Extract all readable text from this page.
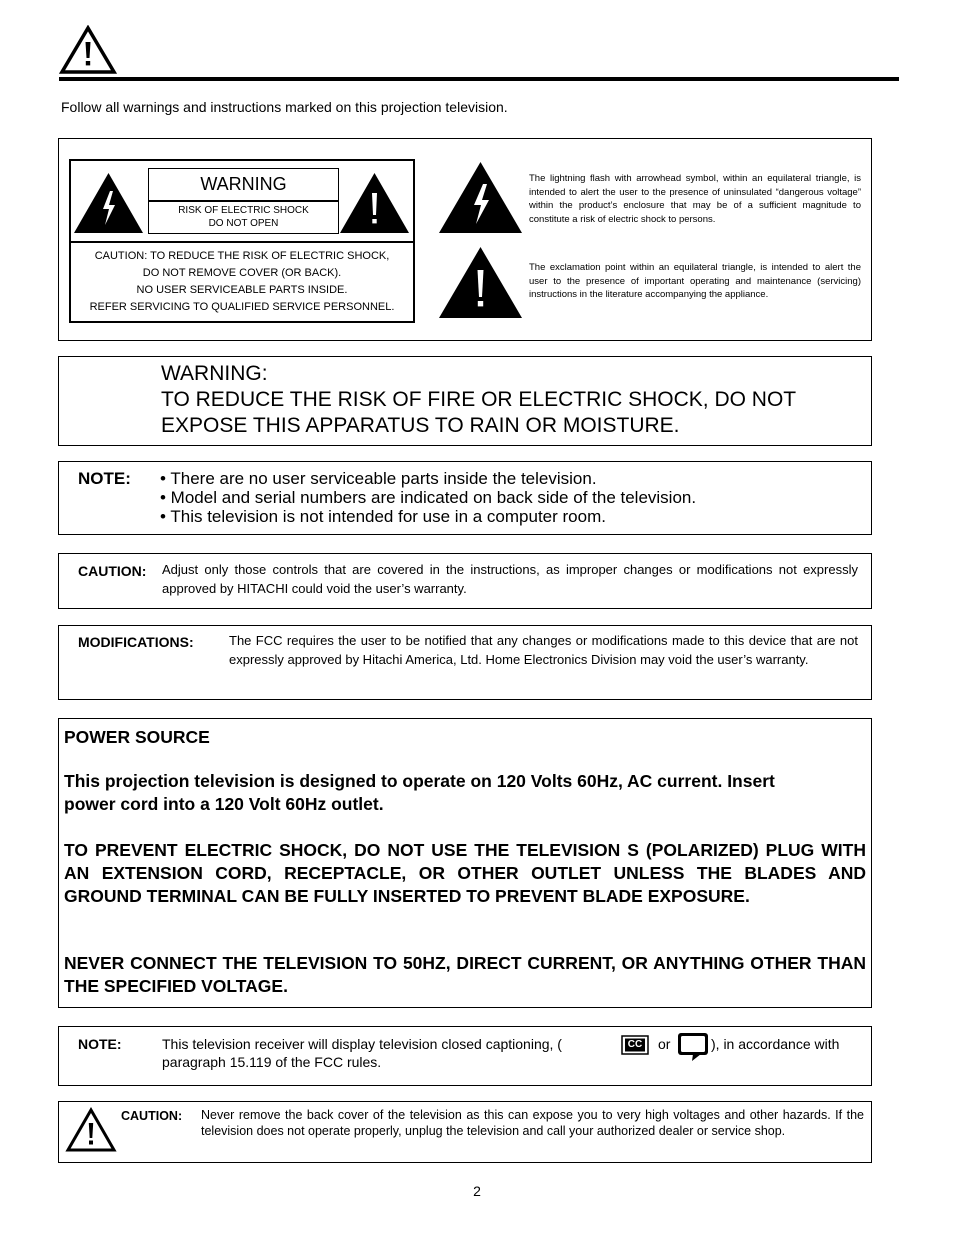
Follow all warnings and instructions marked on this projection television.
WARNING
RISK OF ELECTRIC SHOCK
DO NOT OPEN
CAUTION: TO REDUCE THE RISK OF ELECTRIC SHOCK,
DO NOT REMOVE COVER (OR BACK).
NO USER SERVICEABLE PARTS INSIDE.
REFER SERVICING TO QUALIFIED SERVICE PERSONNEL.
The lightning flash with arrowhead symbol, within an equilateral triangle, is intended to alert the user to the presence of uninsulated “dangerous voltage” within the product’s enclosure that may be of a sufficient magnitude to constitute a risk of electric shock to persons.
The exclamation point within an equilateral triangle, is intended to alert the user to the presence of important operating and maintenance (servicing) instructions in the literature accompanying the appliance.
WARNING:
TO REDUCE THE RISK OF FIRE OR ELECTRIC SHOCK, DO NOT
EXPOSE THIS APPARATUS TO RAIN OR MOISTURE.
NOTE: • There are no user serviceable parts inside the television.
• Model and serial numbers are indicated on back side of the television.
• This television is not intended for use in a computer room.
CAUTION: Adjust only those controls that are covered in the instructions, as improper changes or modifications not expressly approved by HITACHI could void the user’s warranty.
MODIFICATIONS:	The FCC requires the user to be notified that any changes or modifications made to this device that are not expressly approved by Hitachi America, Ltd. Home Electronics Division may void the user’s warranty.
POWER SOURCE
This projection television is designed to operate on 120 Volts 60Hz, AC current. Insert power cord into a 120 Volt 60Hz outlet.
TO PREVENT ELECTRIC SHOCK, DO NOT USE THE TELEVISION S (POLARIZED) PLUG WITH AN EXTENSION CORD, RECEPTACLE, OR OTHER OUTLET UNLESS THE BLADES AND GROUND TERMINAL CAN BE FULLY INSERTED TO PREVENT BLADE EXPOSURE.
NEVER CONNECT THE TELEVISION TO 50HZ, DIRECT CURRENT, OR ANYTHING OTHER THAN THE SPECIFIED VOLTAGE.
NOTE:	This television receiver will display television closed captioning, (	CC	or	), in accordance with
paragraph 15.119 of the FCC rules.
CAUTION: Never remove the back cover of the television as this can expose you to very high voltages and other hazards. If the television does not operate properly, unplug the television and call your authorized dealer or service shop.
2
